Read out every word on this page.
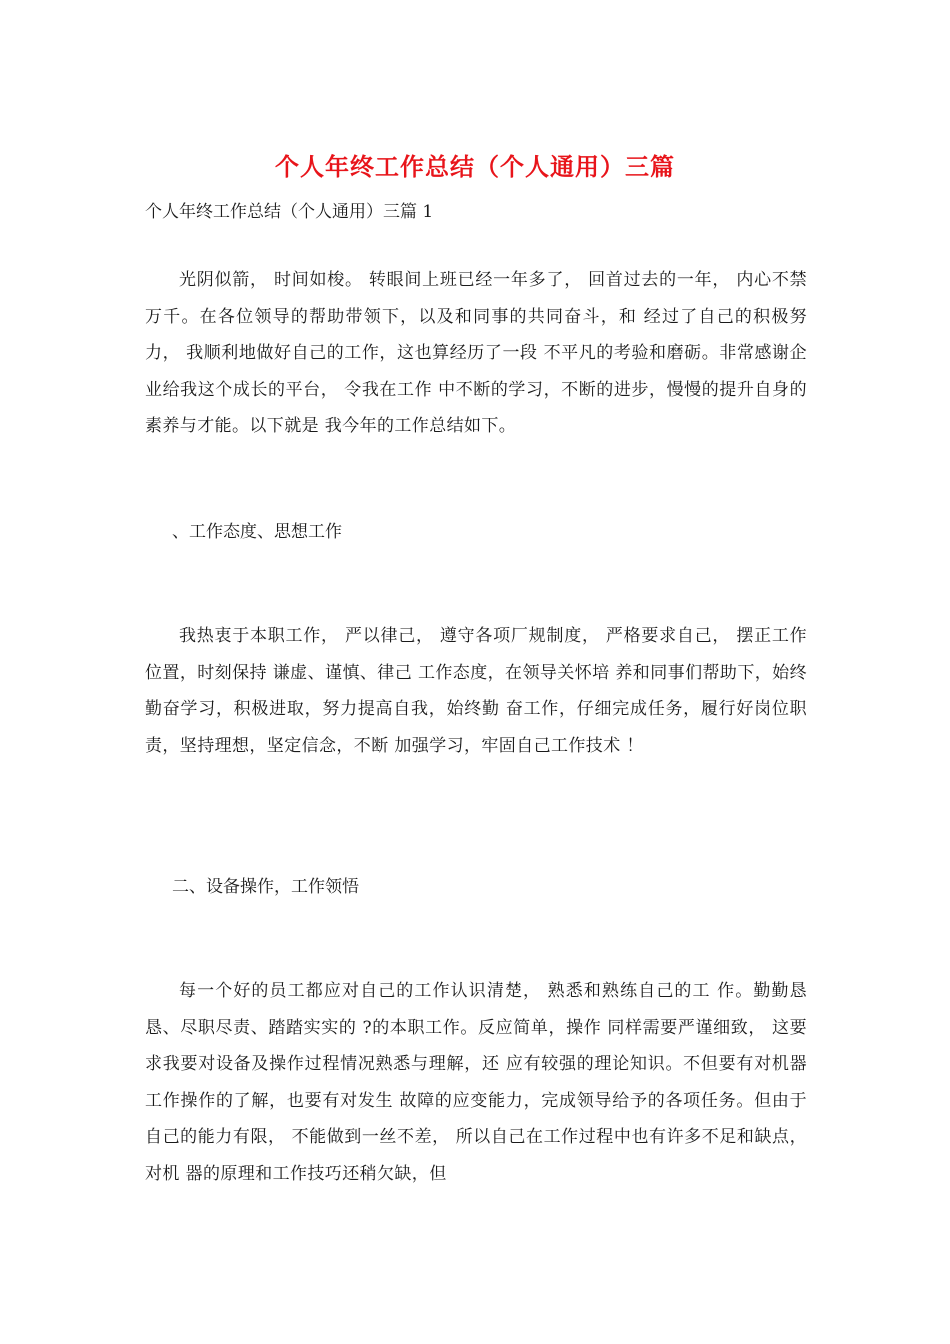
个人年终工作总结（个人通用）三篇
个人年终工作总结（个人通用）三篇 1
光阴似箭， 时间如梭。 转眼间上班已经一年多了， 回首过去的一年， 内心不禁万千。在各位领导的帮助带领下，以及和同事的共同奋斗，和 经过了自己的积极努力， 我顺利地做好自己的工作，这也算经历了一段 不平凡的考验和磨砺。非常感谢企业给我这个成长的平台， 令我在工作 中不断的学习，不断的进步，慢慢的提升自身的素养与才能。以下就是 我今年的工作总结如下。
、工作态度、思想工作
我热衷于本职工作， 严以律己， 遵守各项厂规制度， 严格要求自己， 摆正工作位置，时刻保持 谦虚、谨慎、律己 工作态度，在领导关怀培 养和同事们帮助下，始终勤奋学习，积极进取，努力提高自我，始终勤 奋工作，仔细完成任务，履行好岗位职责，坚持理想，坚定信念，不断 加强学习，牢固自己工作技术 ！
二、设备操作，工作领悟
每一个好的员工都应对自己的工作认识清楚， 熟悉和熟练自己的工 作。勤勤恳恳、尽职尽责、踏踏实实的 ?的本职工作。反应简单，操作 同样需要严谨细致， 这要求我要对设备及操作过程情况熟悉与理解，还 应有较强的理论知识。不但要有对机器工作操作的了解，也要有对发生 故障的应变能力，完成领导给予的各项任务。但由于自己的能力有限， 不能做到一丝不差， 所以自己在工作过程中也有许多不足和缺点， 对机 器的原理和工作技巧还稍欠缺，但
